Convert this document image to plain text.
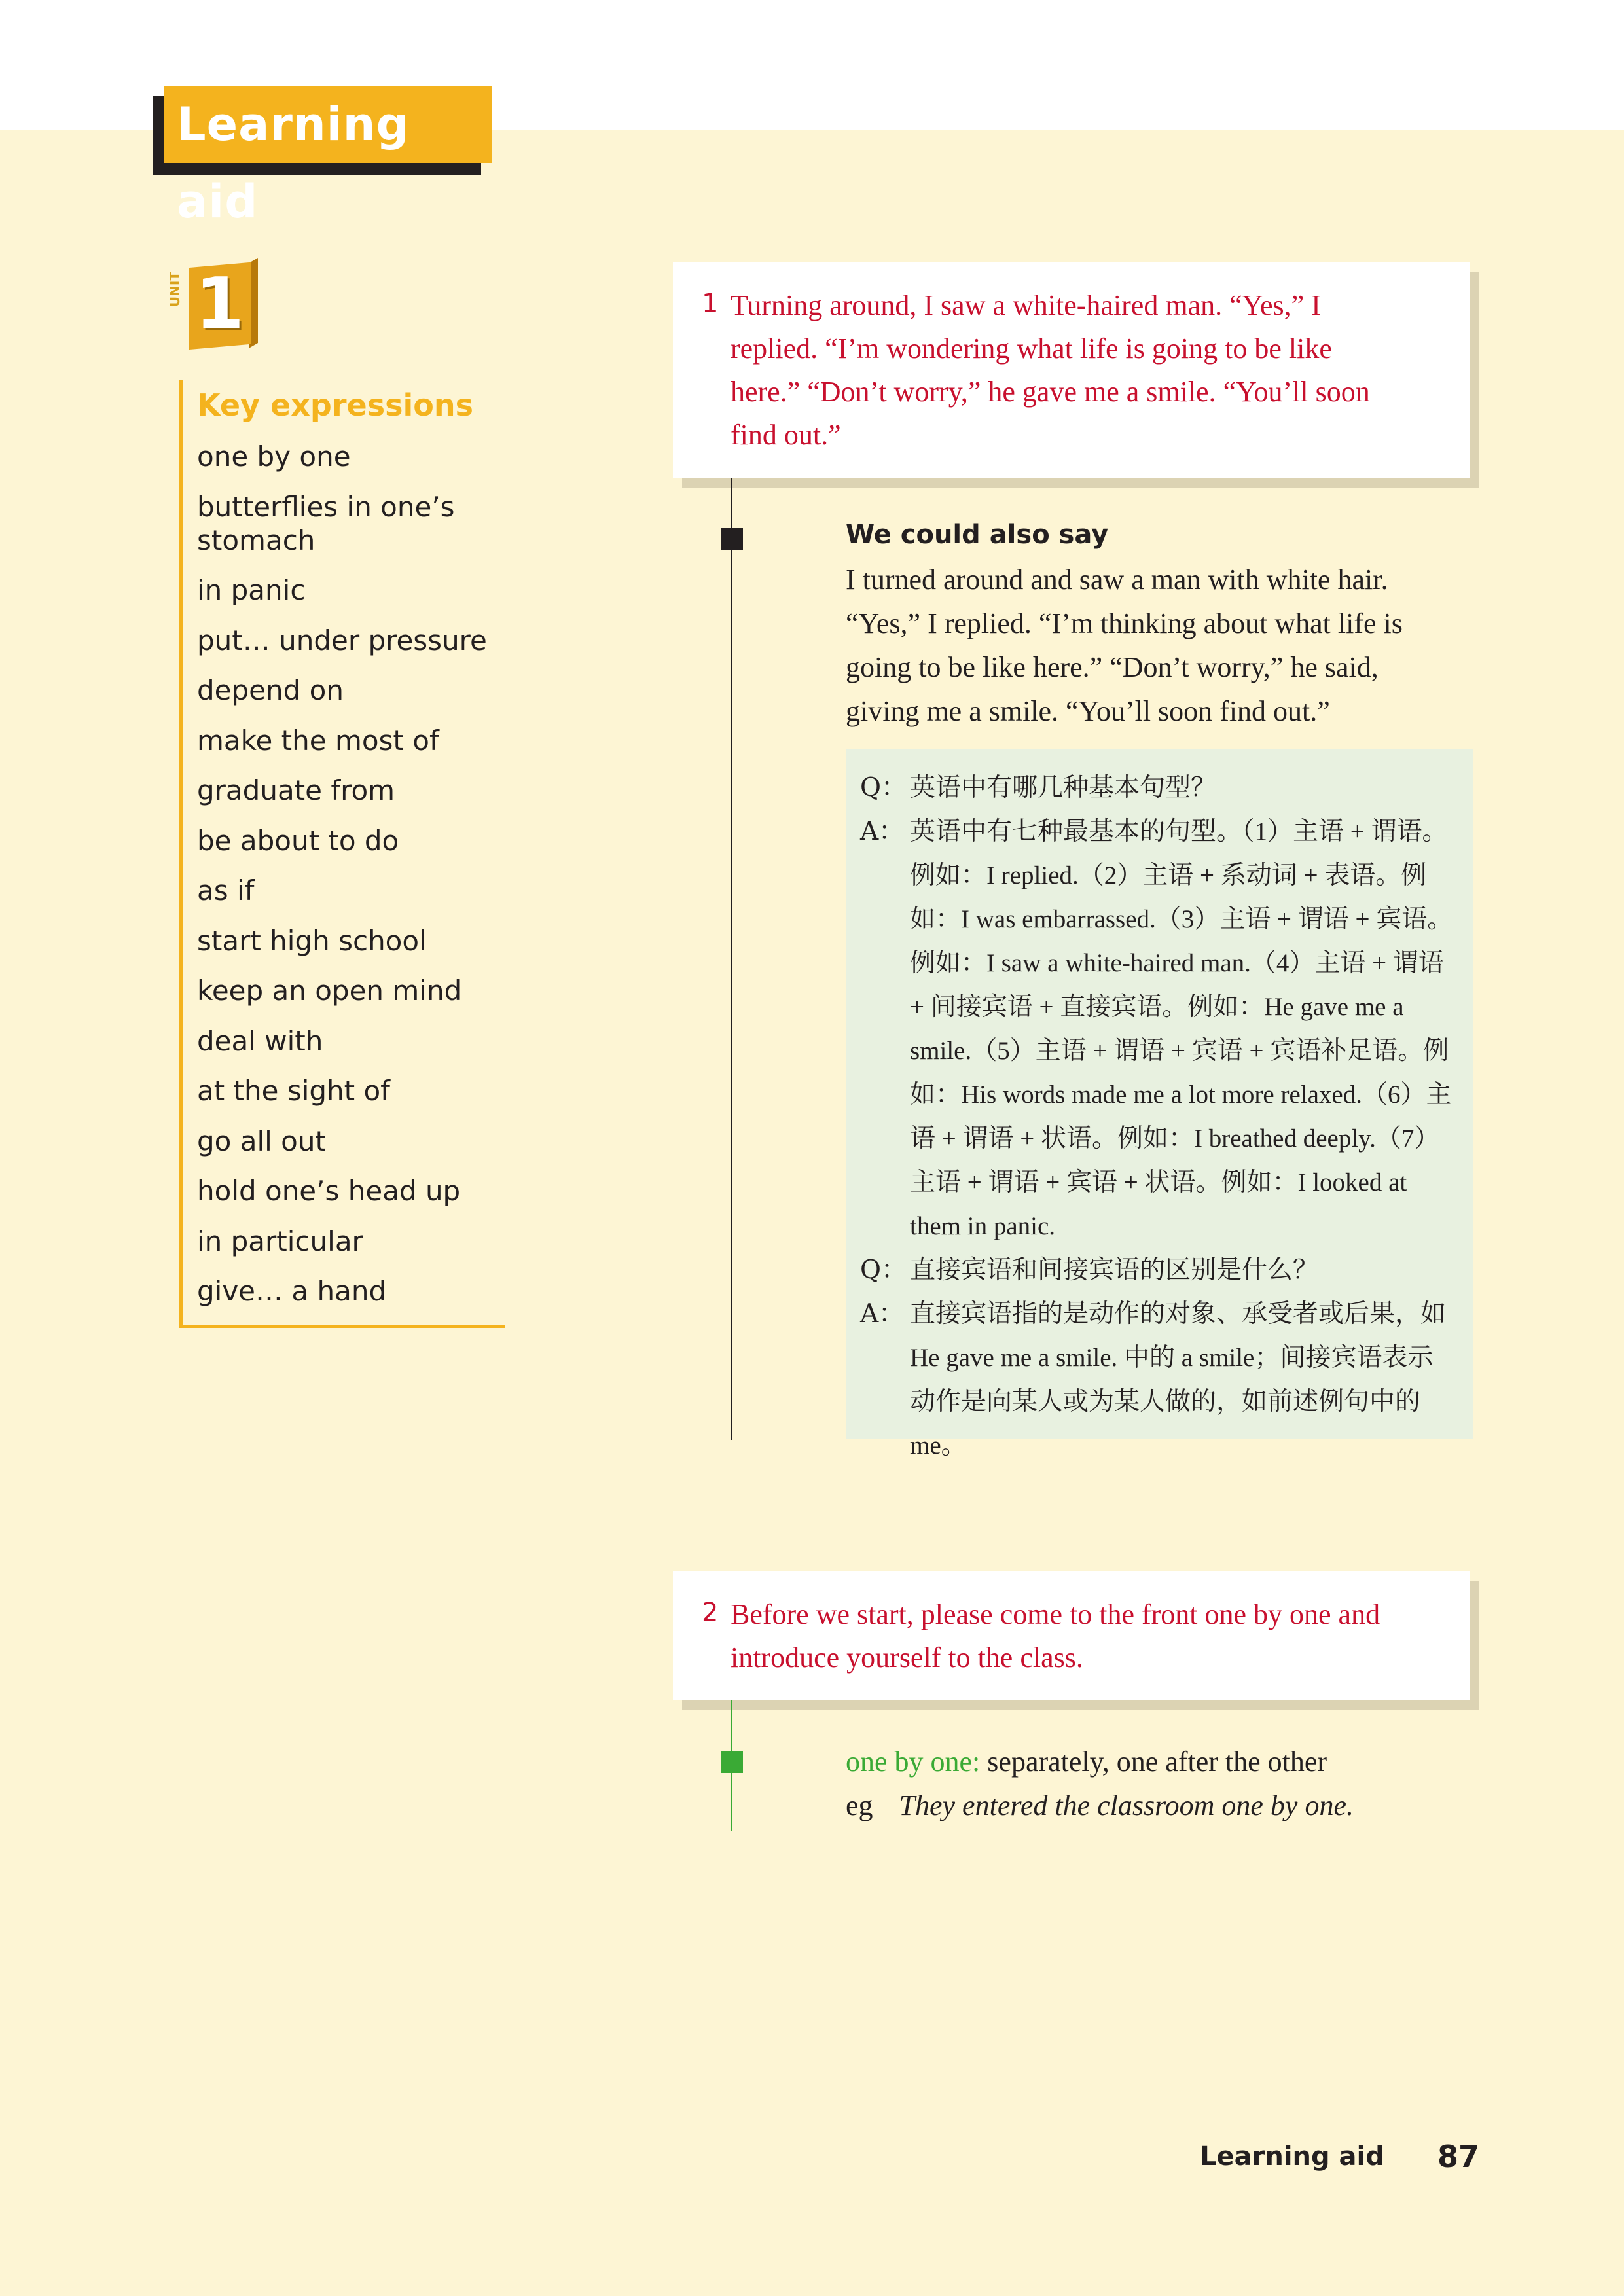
Learning aid
UNIT 1
Key expressions
one by one
butterflies in one’s stomach
in panic
put… under pressure
depend on
make the most of
graduate from
be about to do
as if
start high school
keep an open mind
deal with
at the sight of
go all out
hold one’s head up
in particular
give… a hand
1 Turning around, I saw a white-haired man. “Yes,” I replied. “I’m wondering what life is going to be like here.” “Don’t worry,” he gave me a smile. “You’ll soon find out.”
We could also say

I turned around and saw a man with white hair. “Yes,” I replied. “I’m thinking about what life is going to be like here.” “Don’t worry,” he said, giving me a smile. “You’ll soon find out.”

Q： 英语中有哪几种基本句型？
A： 英语中有七种最基本的句型。（1）主语 + 谓语。例如：I replied.（2）主语 + 系动词 + 表语。例如：I was embarrassed.（3）主语 + 谓语 + 宾语。例如：I saw a white-haired man.（4）主语 + 谓语 + 间接宾语 + 直接宾语。例如：He gave me a smile.（5）主语 + 谓语 + 宾语 + 宾语补足语。例如：His words made me a lot more relaxed.（6）主语 + 谓语 + 状语。例如：I breathed deeply.（7）主语 + 谓语 + 宾语 + 状语。例如：I looked at them in panic.
Q： 直接宾语和间接宾语的区别是什么？
A： 直接宾语指的是动作的对象、承受者或后果，如 He gave me a smile. 中的 a smile；间接宾语表示动作是向某人或为某人做的，如前述例句中的 me。
2 Before we start, please come to the front one by one and introduce yourself to the class.

one by one: separately, one after the other

eg They entered the classroom one by one.

Learning aid 87
